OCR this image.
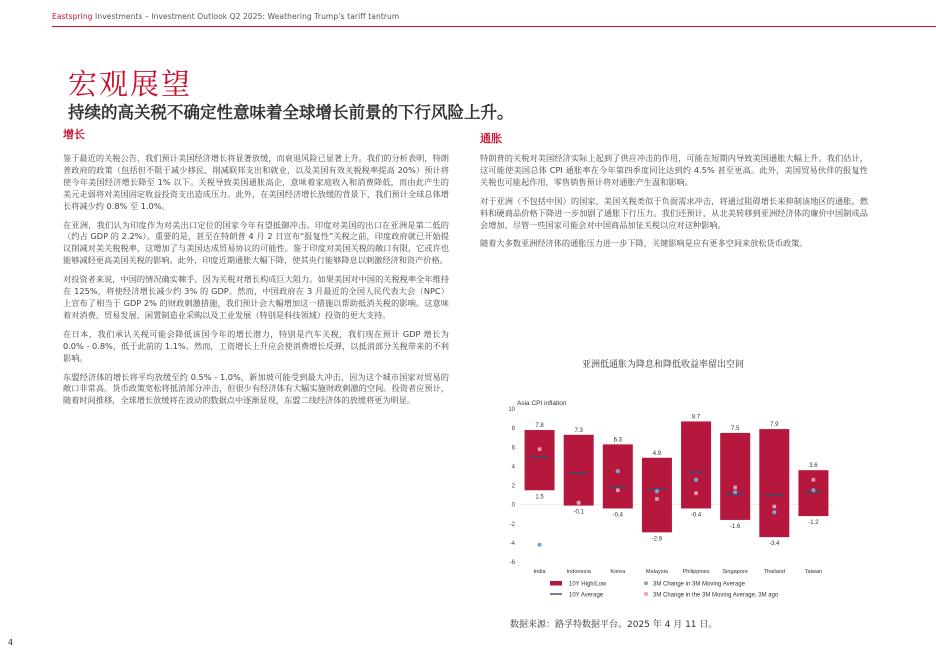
Eastspring Investments – Investment Outlook Q2 2025: Weathering Trump’s tariff tantrum
宏观展望
持续的高关税不确定性意味着全球增长前景的下行风险上升。
增长

鉴于最近的关税公告，我们预计美国经济增长将显著放缓，而衰退风险已显著上升。我们的分析表明，特朗普政府的政策（包括但不限于减少移民、削减联邦支出和就业，以及美国有效关税税率提高 20%）预计将使今年美国经济增长降至 1% 以下。关税导致美国通胀高企，意味着家庭收入和消费降低，而由此产生的美元走弱将对美国固定收益投资支出造成压力。此外，在美国经济增长放缓的背景下，我们预计全球总体增长将减少约 0.8% 至 1.0%。

在亚洲，我们认为印度作为对美出口定位的国家今年有望抵御冲击。印度对美国的出口在亚洲是第二低的（约占 GDP 的 2.2%）。重要的是，甚至在特朗普 4 月 2 日宣布“报复性”关税之前，印度政府就已开始提议削减对美关税税率，这增加了与美国达成贸易协议的可能性。鉴于印度对美国关税的敞口有限，它或许也能够减轻更高美国关税的影响。此外，印度近期通胀大幅下降，使其央行能够降息以刺激经济和资产价格。

对投资者来说，中国的情况确实棘手，因为关税对增长构成巨大阻力。如果美国对中国的关税税率全年维持在 125%，将使经济增长减少约 3% 的 GDP。然而，中国政府在 3 月最近的全国人民代表大会（NPC）上宣布了相当于 GDP 2% 的财政刺激措施，我们预计会大幅增加这一措施以帮助抵消关税的影响。这意味着对消费、贸易发展、闲置制造业采购以及工业发展（特别是科技领域）投资的更大支持。

在日本，我们承认关税可能会降低该国今年的增长潜力，特别是汽车关税，我们现在预计 GDP 增长为 0.0% - 0.8%，低于此前的 1.1%。然而，工资增长上升应会使消费增长反弹，以抵消部分关税带来的不利影响。

东盟经济体的增长将平均放缓至约 0.5% - 1.0%，新加坡可能受到最大冲击，因为这个城市国家对贸易的敞口非常高。货币政策宽松将抵消部分冲击，但很少有经济体有大幅实施财政刺激的空间。投资者应预计，随着时间推移，全球增长放缓将在波动的数据点中逐渐显现，东盟二线经济体的放缓将更为明显。

通胀

特朗普的关税对美国经济实际上起到了供应冲击的作用，可能在短期内导致美国通胀大幅上升。我们估计，这可能使美国总体 CPI 通胀率在今年第四季度同比达到约 4.5% 甚至更高。此外，美国贸易伙伴的报复性关税也可能起作用，零售销售预计将对通胀产生温和影响。

对于亚洲（不包括中国）的国家，美国关税类似于负面需求冲击，将通过阻碍增长来抑制该地区的通胀。燃料和硬商品价格下降进一步加剧了通胀下行压力。我们还预计，从北美转移到亚洲经济体的廉价中国制成品会增加，尽管一些国家可能会对中国商品加征关税以应对这种影响。

随着大多数亚洲经济体的通胀压力进一步下降，关键影响是应有更多空间来放松货币政策。

亚洲低通胀为降息和降低收益率留出空间
Asia CPI inflation
10
8
6
4
2
0
-2
-4
-6
7.8
1.5
India
7.3
-0.1
Indonesia
6.3
-0.4
Korea
4.9
-2.9
Malaysia
8.7
-0.4
Philippines
7.5
-1.6
Singapore
7.9
-3.4
Thailand
3.6
-1.2
Taiwan
10Y High/Low	3M Change in 3M Moving Average
10Y Average	3M Change in the 3M Moving Average, 3M ago
数据来源：路孚特数据平台。2025 年 4 月 11 日。
4
